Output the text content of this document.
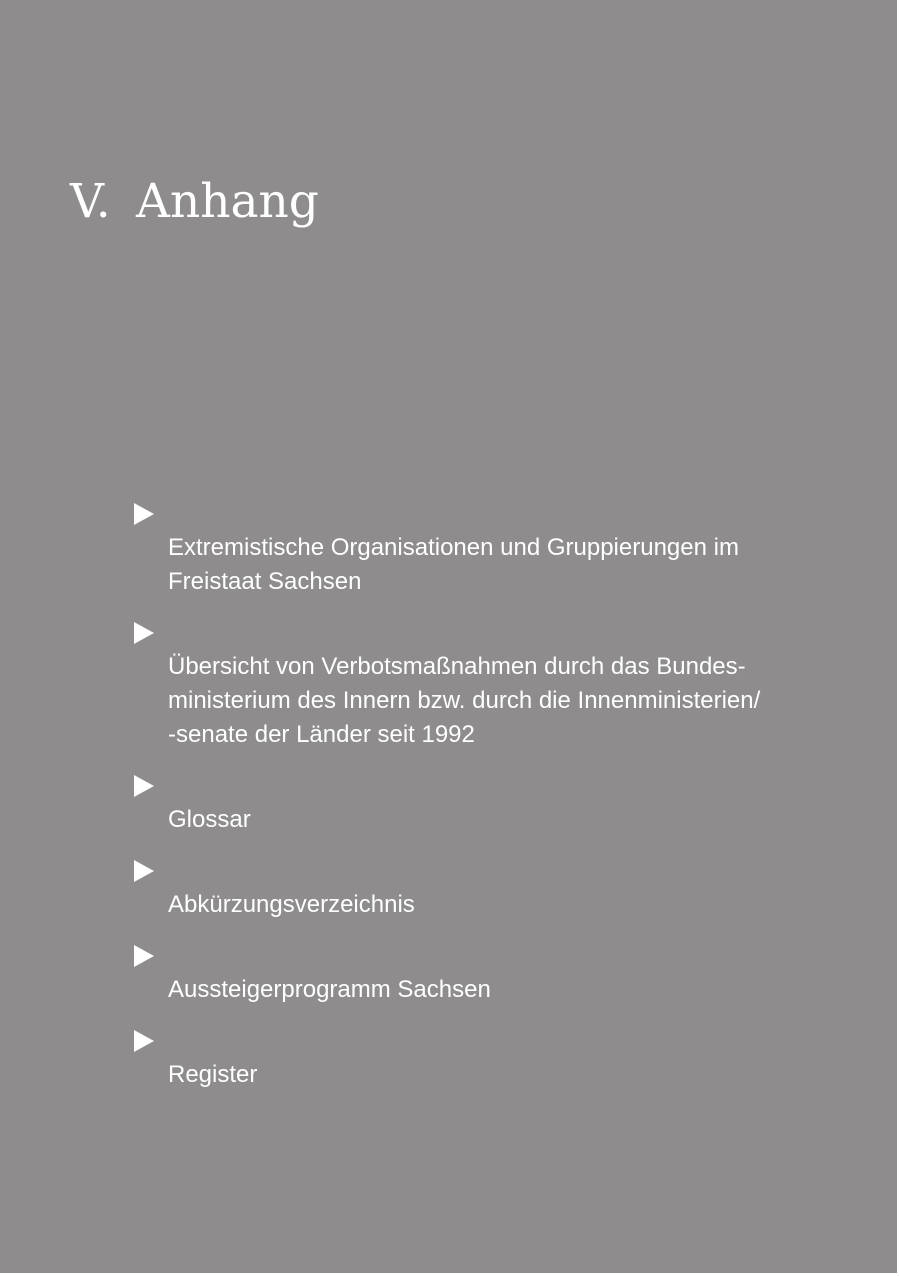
V. Anhang

Extremistische Organisationen und Gruppierungen im
Freistaat Sachsen

Übersicht von Verbotsmaßnahmen durch das Bundes-
ministerium des Innern bzw. durch die Innenministerien/
-senate der Länder seit 1992

Glossar

Abkürzungsverzeichnis

Aussteigerprogramm Sachsen

Register
